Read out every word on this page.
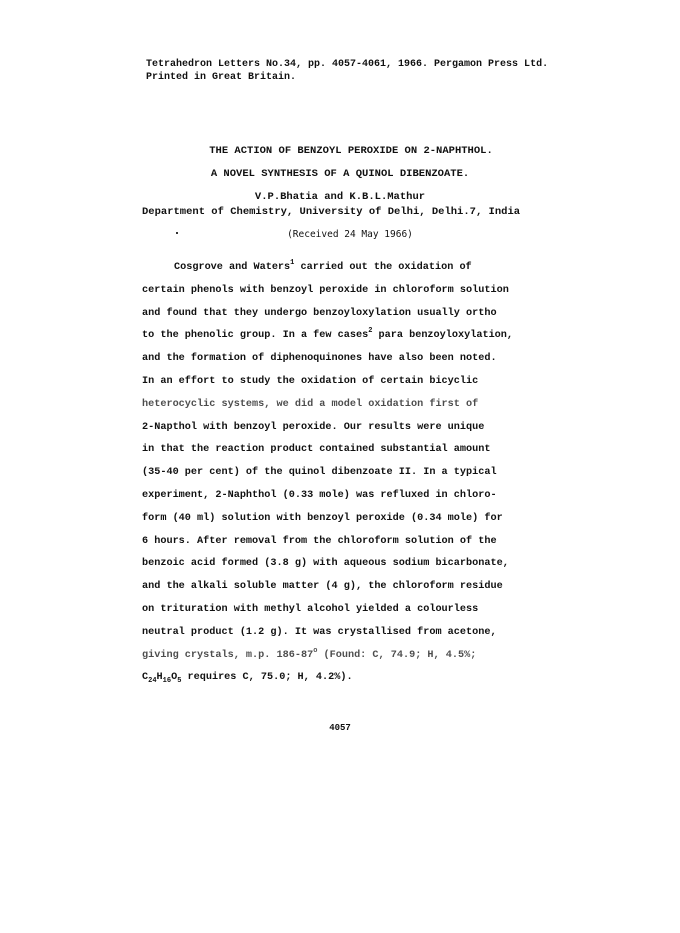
Tetrahedron Letters No.34, pp. 4057-4061, 1966. Pergamon Press Ltd.
Printed in Great Britain.
THE ACTION OF BENZOYL PEROXIDE ON 2-NAPHTHOL.
A NOVEL SYNTHESIS OF A QUINOL DIBENZOATE.
V.P.Bhatia and K.B.L.Mathur
Department of Chemistry, University of Delhi, Delhi.7, India
(Received 24 May 1966)
Cosgrove and Waters$^1$ carried out the oxidation of
certain phenols with benzoyl peroxide in chloroform solution
and found that they undergo benzoyloxylation usually ortho
to the phenolic group. In a few cases$^2$ para benzoyloxylation,
and the formation of diphenoquinones have also been noted.
In an effort to study the oxidation of certain bicyclic
heterocyclic systems, we did a model oxidation first of
2-Napthol with benzoyl peroxide. Our results were unique
in that the reaction product contained substantial amount
(35-40 per cent) of the quinol dibenzoate II. In a typical
experiment, 2-Naphthol (0.33 mole) was refluxed in chloro-
form (40 ml) solution with benzoyl peroxide (0.34 mole) for
6 hours. After removal from the chloroform solution of the
benzoic acid formed (3.8 g) with aqueous sodium bicarbonate,
and the alkali soluble matter (4 g), the chloroform residue
on trituration with methyl alcohol yielded a colourless
neutral product (1.2 g). It was crystallised from acetone,
giving crystals, m.p. 186-87$^o$ (Found: C, 74.9; H, 4.5%;
$C_{24}H_{16}O_5$ requires C, 75.0; H, 4.2%).
4057
